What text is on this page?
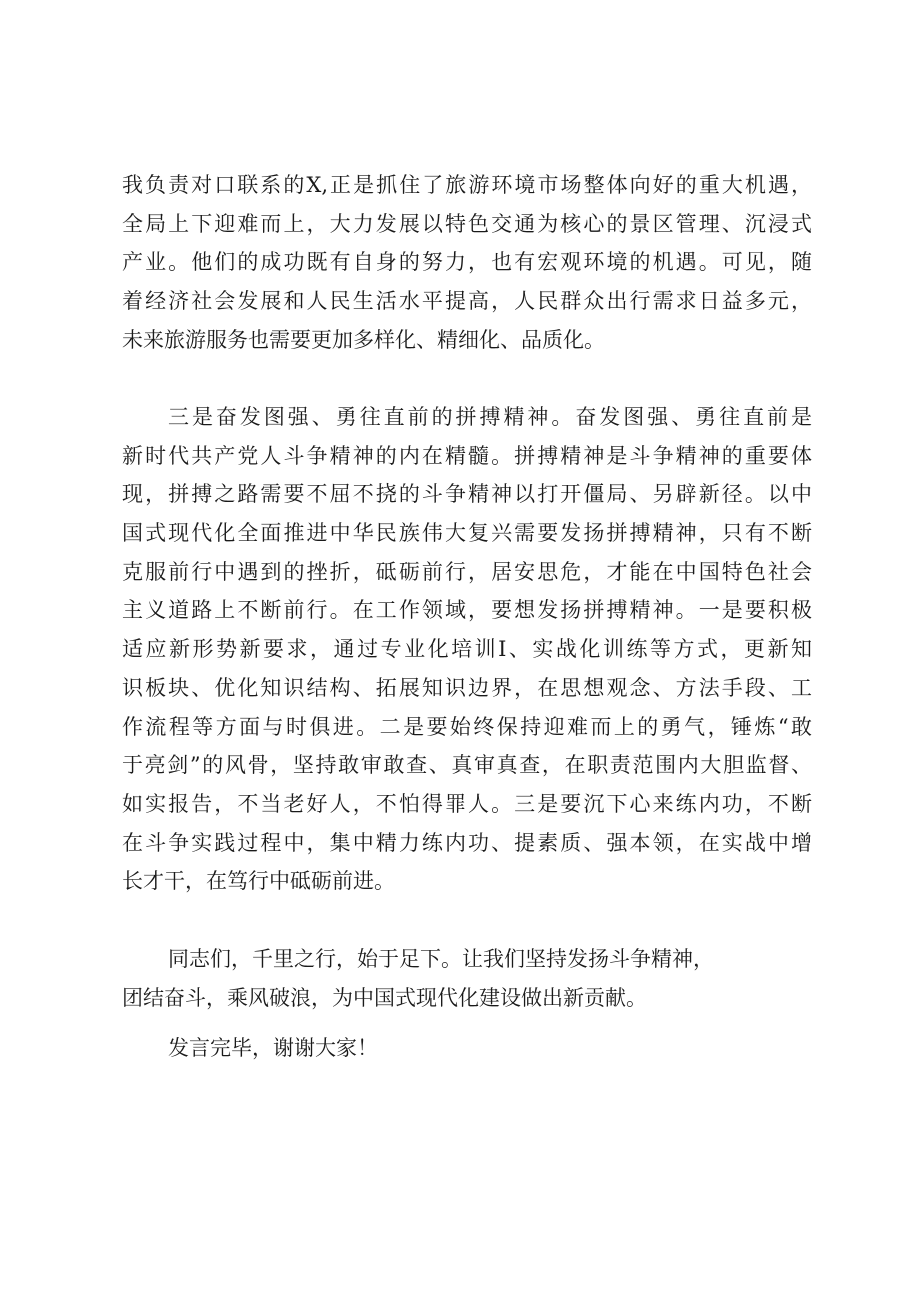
我负责对口联系的X,正是抓住了旅游环境市场整体向好的重大机遇，
全局上下迎难而上，大力发展以特色交通为核心的景区管理、沉浸式
产业。他们的成功既有自身的努力，也有宏观环境的机遇。可见，随
着经济社会发展和人民生活水平提高，人民群众出行需求日益多元，
未来旅游服务也需要更加多样化、精细化、品质化。
三是奋发图强、勇往直前的拼搏精神。奋发图强、勇往直前是
新时代共产党人斗争精神的内在精髓。拼搏精神是斗争精神的重要体
现，拼搏之路需要不屈不挠的斗争精神以打开僵局、另辟新径。以中
国式现代化全面推进中华民族伟大复兴需要发扬拼搏精神，只有不断
克服前行中遇到的挫折，砥砺前行，居安思危，才能在中国特色社会
主义道路上不断前行。在工作领域，要想发扬拼搏精神。一是要积极
适应新形势新要求，通过专业化培训I、实战化训练等方式，更新知
识板块、优化知识结构、拓展知识边界，在思想观念、方法手段、工
作流程等方面与时俱进。二是要始终保持迎难而上的勇气，锤炼“敢
于亮剑”的风骨，坚持敢审敢查、真审真查，在职责范围内大胆监督、
如实报告，不当老好人，不怕得罪人。三是要沉下心来练内功，不断
在斗争实践过程中，集中精力练内功、提素质、强本领，在实战中增
长才干，在笃行中砥砺前进。
同志们，千里之行，始于足下。让我们坚持发扬斗争精神，
团结奋斗，乘风破浪，为中国式现代化建设做出新贡献。
发言完毕，谢谢大家！
